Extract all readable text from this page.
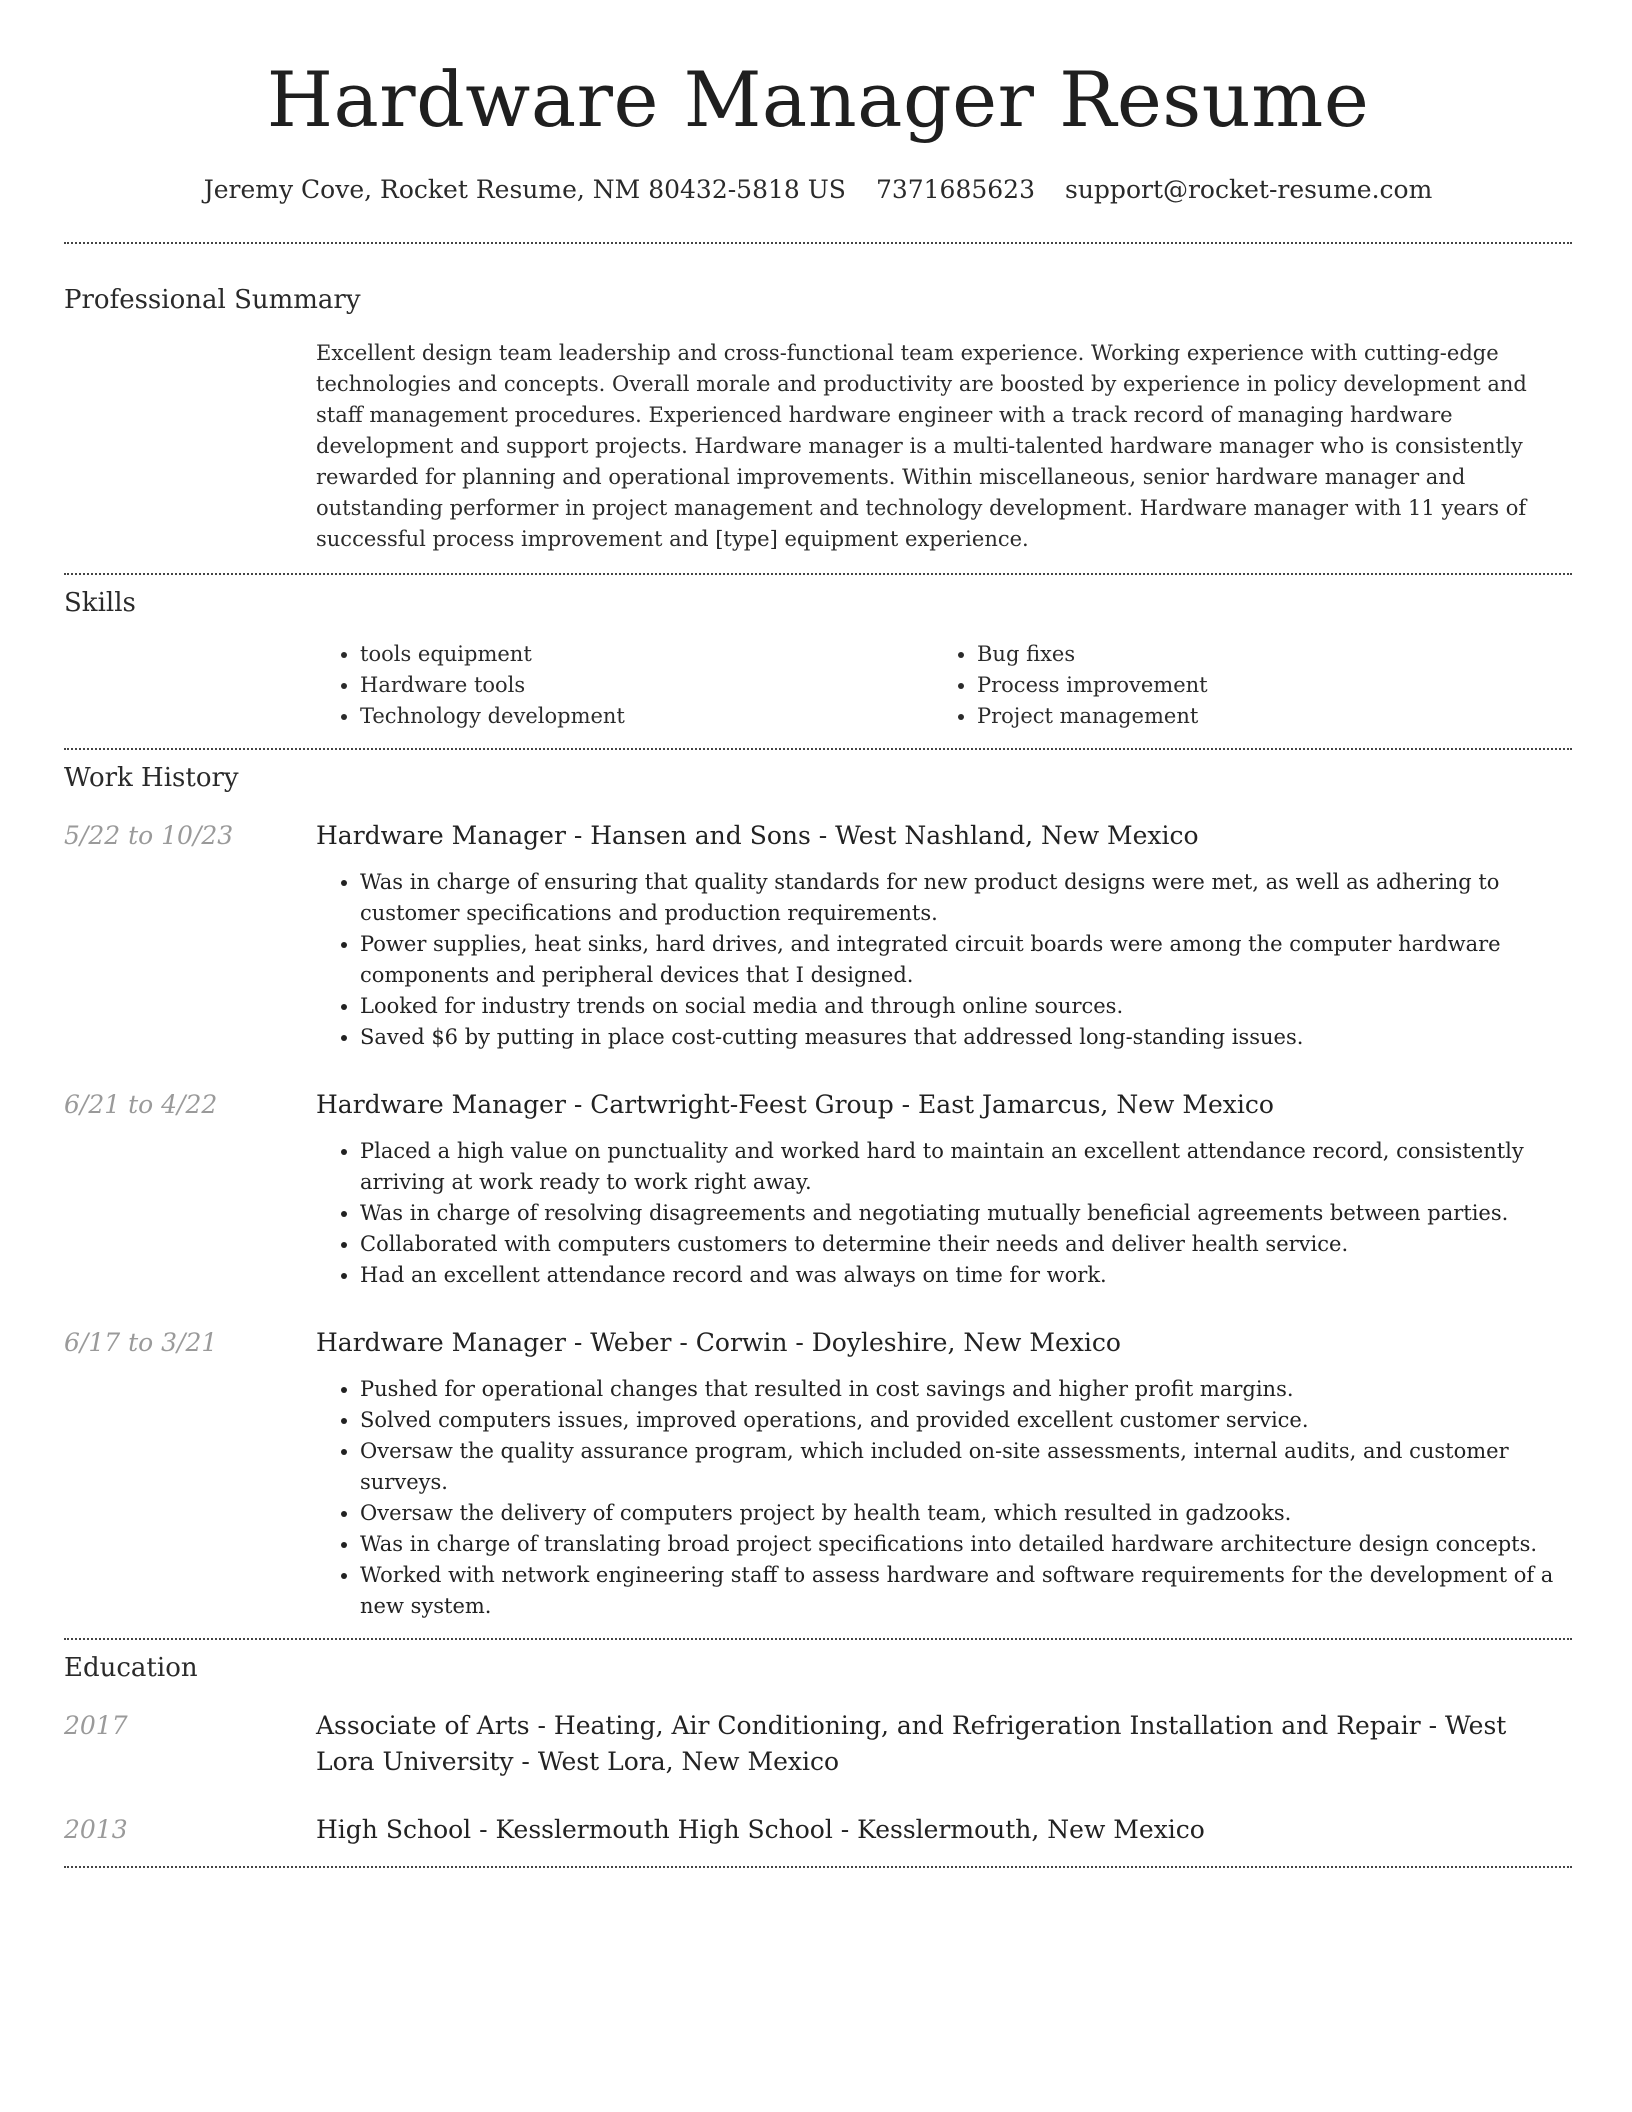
Hardware Manager Resume
Jeremy Cove, Rocket Resume, NM 80432-5818 US 7371685623 support@rocket-resume.com
Professional Summary

Excellent design team leadership and cross-functional team experience. Working experience with cutting-edge technologies and concepts. Overall morale and productivity are boosted by experience in policy development and staff management procedures. Experienced hardware engineer with a track record of managing hardware development and support projects. Hardware manager is a multi-talented hardware manager who is consistently rewarded for planning and operational improvements. Within miscellaneous, senior hardware manager and outstanding performer in project management and technology development. Hardware manager with 11 years of successful process improvement and [type] equipment experience.

Skills
• tools equipment
• Hardware tools
• Technology development
• Bug fixes
• Process improvement
• Project management
Work History
5/22 to 10/23	Hardware Manager - Hansen and Sons - West Nashland, New Mexico
• Was in charge of ensuring that quality standards for new product designs were met, as well as adhering to customer specifications and production requirements.
• Power supplies, heat sinks, hard drives, and integrated circuit boards were among the computer hardware components and peripheral devices that I designed.
• Looked for industry trends on social media and through online sources.
• Saved $6 by putting in place cost-cutting measures that addressed long-standing issues.
6/21 to 4/22	Hardware Manager - Cartwright-Feest Group - East Jamarcus, New Mexico
• Placed a high value on punctuality and worked hard to maintain an excellent attendance record, consistently arriving at work ready to work right away.
• Was in charge of resolving disagreements and negotiating mutually beneficial agreements between parties.
• Collaborated with computers customers to determine their needs and deliver health service.
• Had an excellent attendance record and was always on time for work.
6/17 to 3/21	Hardware Manager - Weber - Corwin - Doyleshire, New Mexico
• Pushed for operational changes that resulted in cost savings and higher profit margins.
• Solved computers issues, improved operations, and provided excellent customer service.
• Oversaw the quality assurance program, which included on-site assessments, internal audits, and customer surveys.
• Oversaw the delivery of computers project by health team, which resulted in gadzooks.
• Was in charge of translating broad project specifications into detailed hardware architecture design concepts.
• Worked with network engineering staff to assess hardware and software requirements for the development of a new system.
Education
2017	Associate of Arts - Heating, Air Conditioning, and Refrigeration Installation and Repair - West Lora University - West Lora, New Mexico
2013	High School - Kesslermouth High School - Kesslermouth, New Mexico
